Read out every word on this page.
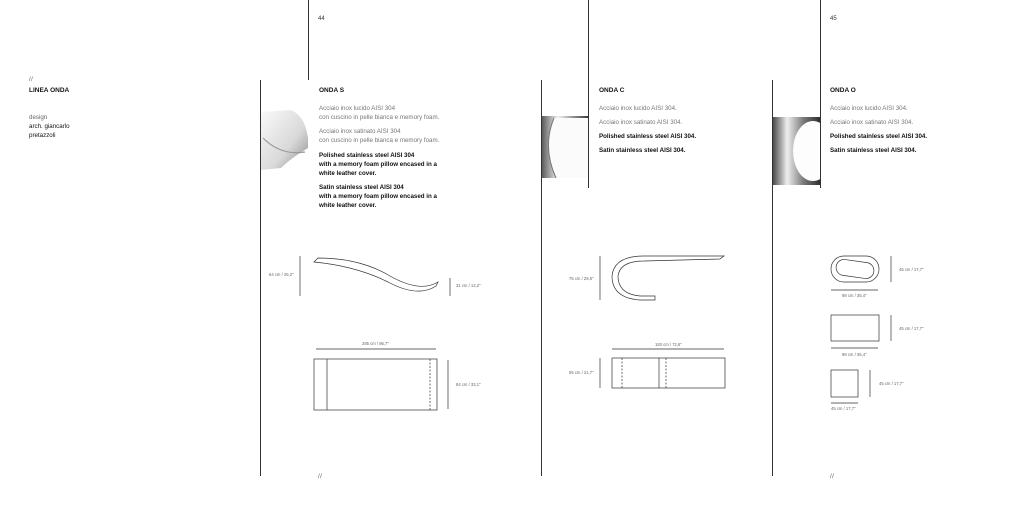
44	45
//
LINEA ONDA
design
arch. giancarlo
pretazzoli
ONDA S
Acciaio inox lucido AISI 304
con cuscino in pelle bianca e memory foam.
Acciaio inox satinato AISI 304
con cuscino in pelle bianca e memory foam.
Polished stainless steel AISI 304
with a memory foam pillow encased in a
white leather cover.
Satin stainless steel AISI 304
with a memory foam pillow encased in a
white leather cover.
ONDA C
Acciaio inox lucido AISI 304.
Acciaio inox satinato AISI 304.
Polished stainless steel AISI 304.
Satin stainless steel AISI 304.
ONDA O
Acciaio inox lucido AISI 304.
Acciaio inox satinato AISI 304.
Polished stainless steel AISI 304.
Satin stainless steel AISI 304.
64 cm / 25,2"
31 cm / 12,2"
285 cm / 86,7"
84 cm / 33,1"
75 cm / 29,5"
183 cm / 72,6"
55 cm / 21,7"
45 cm / 17,7"
98 cm / 35,4"
45 cm / 17,7"
98 cm / 35,4"
45 cm / 17,7"
45 cm / 17,7"
//	//
